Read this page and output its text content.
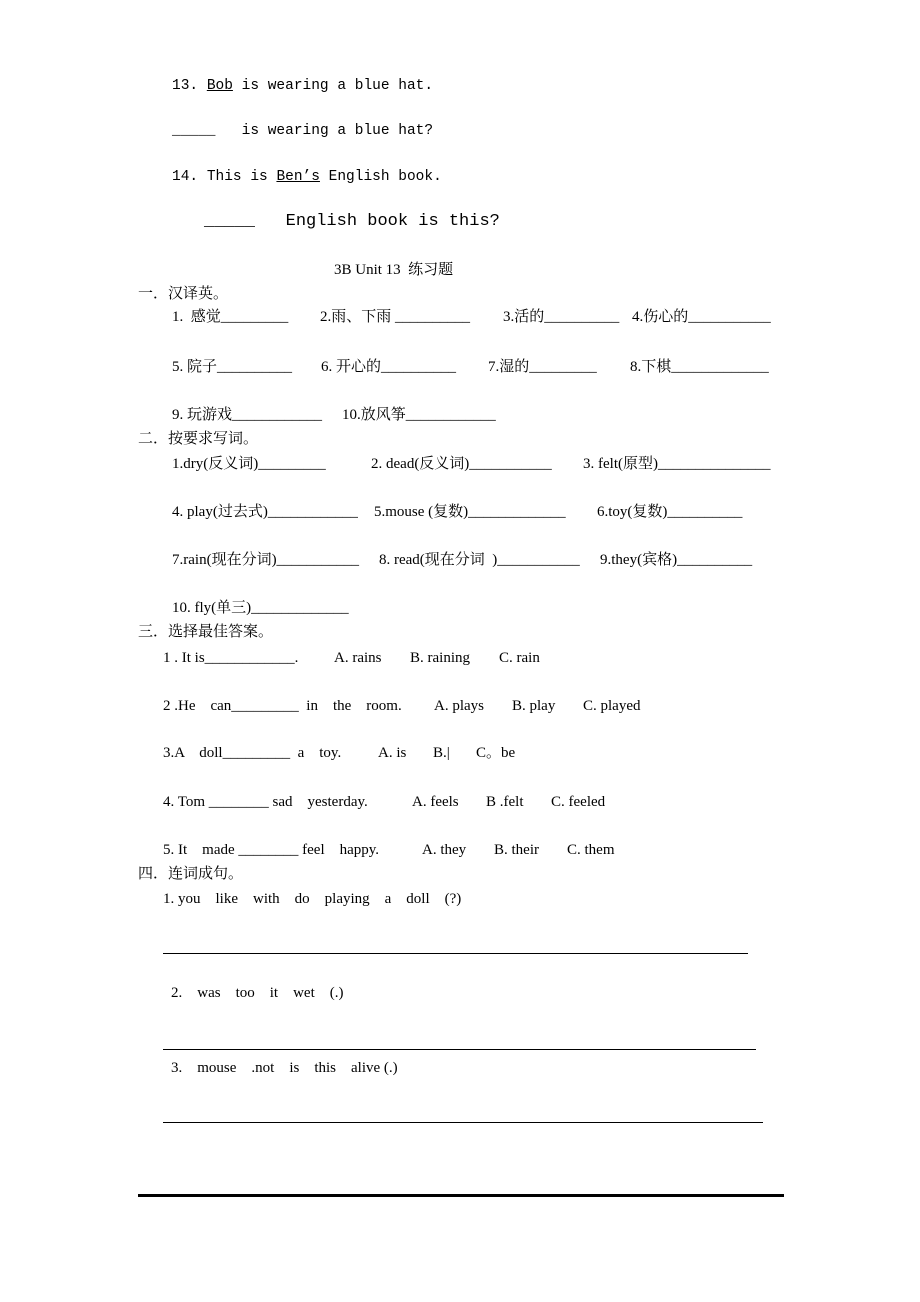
13. Bob is wearing a blue hat.
_____ is wearing a blue hat?
14. This is Ben’s English book.
_____ English book is this?
3B Unit 13  练习题
一．汉译英。
1.  感觉_________ 2.雨、下雨 __________ 3.活的__________ 4.伤心的___________
5. 院子__________ 6. 开心的__________ 7.湿的_________ 8.下棋_____________
9. 玩游戏____________ 10.放风筝____________
二．按要求写词。
1.dry(反义词)_________	2. dead(反义词)___________ 3. felt(原型)_______________
4. play(过去式)____________ 5.mouse (复数)_____________ 6.toy(复数)__________
7.rain(现在分词)___________ 8. read(现在分词  )___________ 9.they(宾格)__________
10. fly(单三)_____________
三．选择最佳答案。
1 . It is____________. A. rains B. raining C. rain
2 .He    can_________  in    the    room. A. plays B. play C. played
3.A    doll_________  a    toy. A. is B.| C。be
4. Tom ________ sad    yesterday.	A. feels B .felt C. feeled
5. It    made ________ feel    happy.	A. they B. their C. them
四．连词成句。
1. you    like    with    do    playing    a    doll    (?)
2.    was    too    it    wet    (.)
3.    mouse    .not    is    this    alive (.)
